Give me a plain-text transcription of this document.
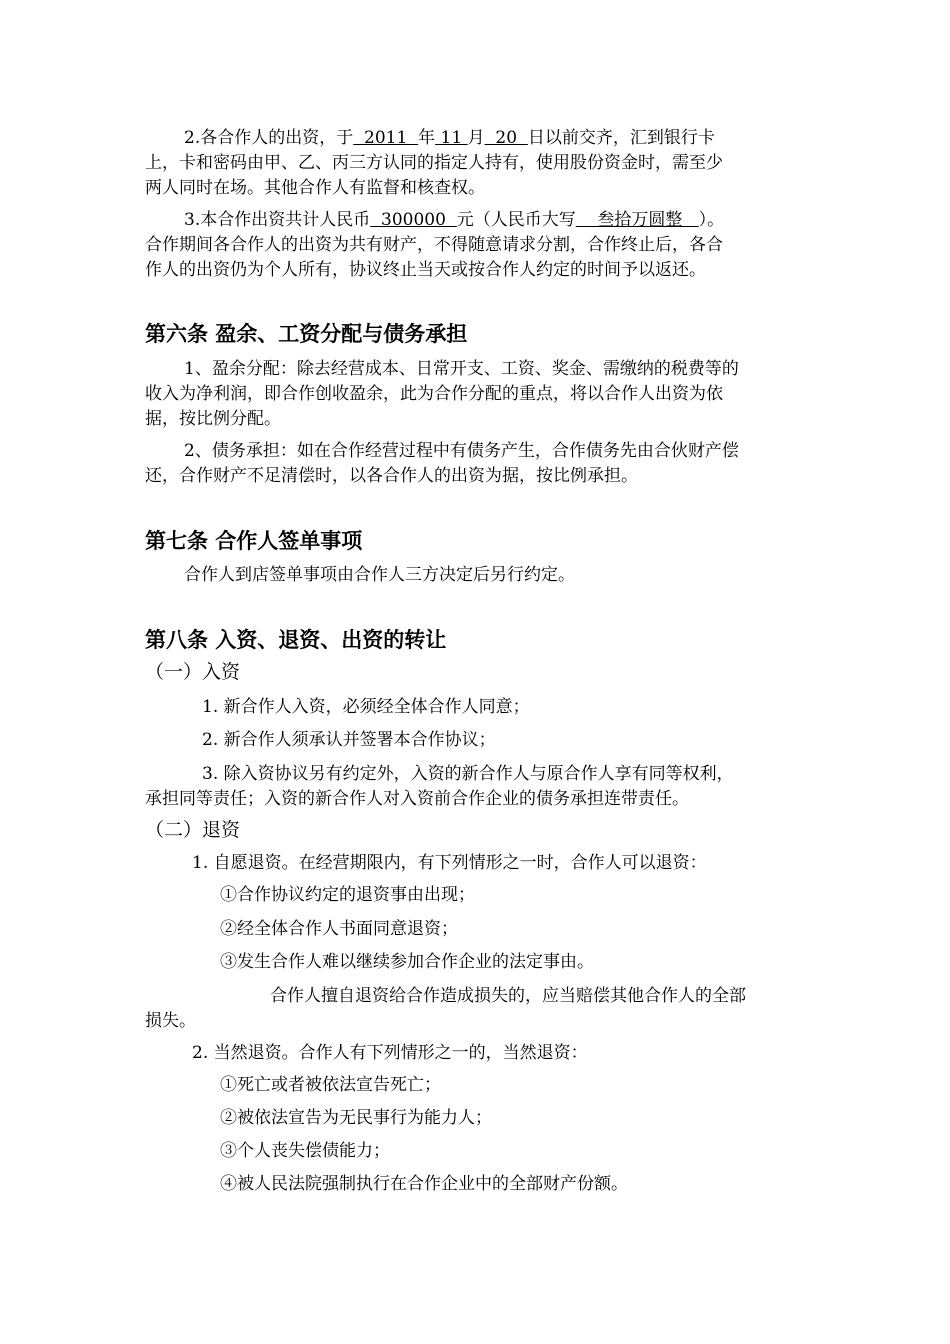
2.各合作人的出资，于  2011  年 11 月  20  日以前交齐，汇到银行卡
上，卡和密码由甲、乙、丙三方认同的指定人持有，使用股份资金时，需至少
两人同时在场。其他合作人有监督和核查权。
3.本合作出资共计人民币  300000  元（人民币大写    叁拾万圆整   ）。
合作期间各合作人的出资为共有财产，不得随意请求分割，合作终止后，各合
作人的出资仍为个人所有，协议终止当天或按合作人约定的时间予以返还。
第六条 盈余、工资分配与债务承担
1、盈余分配：除去经营成本、日常开支、工资、奖金、需缴纳的税费等的
收入为净利润，即合作创收盈余，此为合作分配的重点，将以合作人出资为依
据，按比例分配。
2、债务承担：如在合作经营过程中有债务产生，合作债务先由合伙财产偿
还，合作财产不足清偿时，以各合作人的出资为据，按比例承担。
第七条 合作人签单事项
合作人到店签单事项由合作人三方决定后另行约定。
第八条 入资、退资、出资的转让
（一）入资
1. 新合作人入资，必须经全体合作人同意；
2. 新合作人须承认并签署本合作协议；
3. 除入资协议另有约定外，入资的新合作人与原合作人享有同等权利，
承担同等责任；入资的新合作人对入资前合作企业的债务承担连带责任。
（二）退资
1. 自愿退资。在经营期限内，有下列情形之一时，合作人可以退资：
①合作协议约定的退资事由出现；
②经全体合作人书面同意退资；
③发生合作人难以继续参加合作企业的法定事由。
合作人擅自退资给合作造成损失的，应当赔偿其他合作人的全部
损失。
2. 当然退资。合作人有下列情形之一的，当然退资：
①死亡或者被依法宣告死亡；
②被依法宣告为无民事行为能力人；
③个人丧失偿债能力；
④被人民法院强制执行在合作企业中的全部财产份额。
